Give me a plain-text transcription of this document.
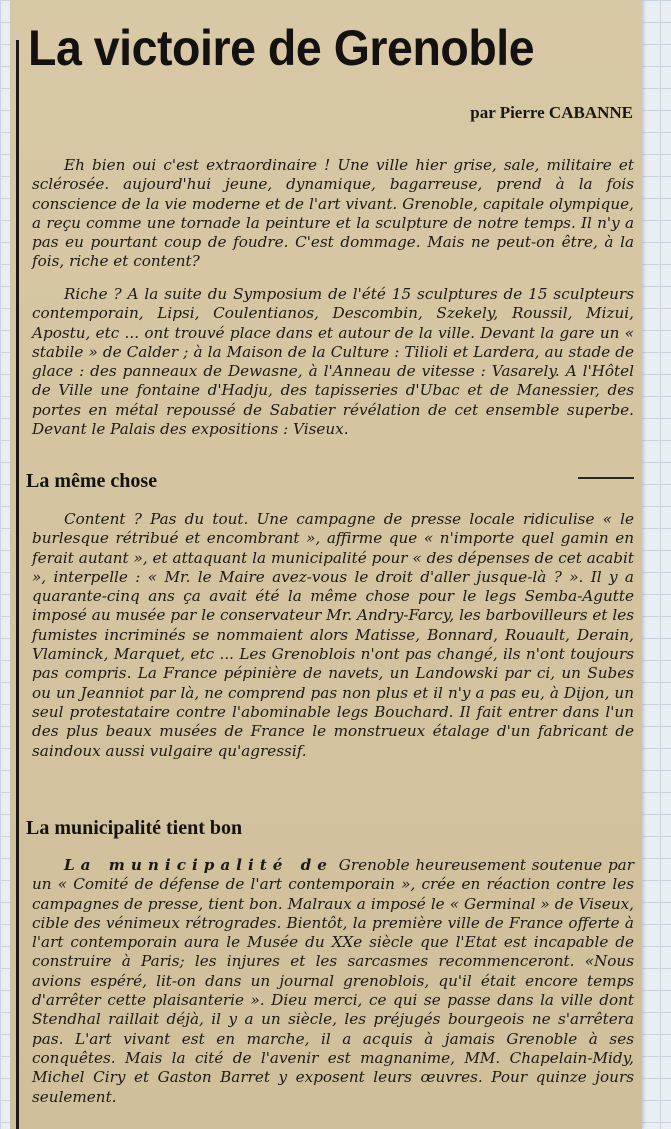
La victoire de Grenoble
par Pierre CABANNE
Eh bien oui c'est extraordinaire ! Une ville hier grise, sale, militaire et sclérosée. aujourd'hui jeune, dynamique, bagarreuse, prend à la fois conscience de la vie moderne et de l'art vivant. Grenoble, capitale olympique, a reçu comme une tornade la peinture et la sculpture de notre temps. Il n'y a pas eu pourtant coup de foudre. C'est dommage. Mais ne peut-on être, à la fois, riche et content?
Riche ? A la suite du Symposium de l'été 15 sculptures de 15 sculpteurs contemporain, Lipsi, Coulentianos, Descombin, Szekely, Roussil, Mizui, Apostu, etc ... ont trouvé place dans et autour de la ville. Devant la gare un « stabile » de Calder ; à la Maison de la Culture : Tilioli et Lardera, au stade de glace : des panneaux de Dewasne, à l'Anneau de vitesse : Vasarely. A l'Hôtel de Ville une fontaine d'Hadju, des tapisseries d'Ubac et de Manessier, des portes en métal repoussé de Sabatier révélation de cet ensemble superbe. Devant le Palais des expositions : Viseux.
La même chose
Content ? Pas du tout. Une campagne de presse locale ridiculise « le burlesque rétribué et encombrant », affirme que « n'importe quel gamin en ferait autant », et attaquant la municipalité pour « des dépenses de cet acabit », interpelle : « Mr. le Maire avez-vous le droit d'aller jusque-là ? ». Il y a quarante-cinq ans ça avait été la même chose pour le legs Semba-Agutte imposé au musée par le conservateur Mr. Andry-Farcy, les barbovilleurs et les fumistes incriminés se nommaient alors Matisse, Bonnard, Rouault, Derain, Vlaminck, Marquet, etc ... Les Grenoblois n'ont pas changé, ils n'ont toujours pas compris. La France pépinière de navets, un Landowski par ci, un Subes ou un Jeanniot par là, ne comprend pas non plus et il n'y a pas eu, à Dijon, un seul protestataire contre l'abominable legs Bouchard. Il fait entrer dans l'un des plus beaux musées de France le monstrueux étalage d'un fabricant de saindoux aussi vulgaire qu'agressif.
La municipalité tient bon
La municipalité de Grenoble heureusement soutenue par un « Comité de défense de l'art contemporain », crée en réaction contre les campagnes de presse, tient bon. Malraux a imposé le « Germinal » de Viseux, cible des vénimeux rétrogrades. Bientôt, la première ville de France offerte à l'art contemporain aura le Musée du XXe siècle que l'Etat est incapable de construire à Paris; les injures et les sarcasmes recommenceront. «Nous avions espéré, lit-on dans un journal grenoblois, qu'il était encore temps d'arrêter cette plaisanterie ». Dieu merci, ce qui se passe dans la ville dont Stendhal raillait déjà, il y a un siècle, les préjugés bourgeois ne s'arrêtera pas. L'art vivant est en marche, il a acquis à jamais Grenoble à ses conquêtes. Mais la cité de l'avenir est magnanime, MM. Chapelain-Midy, Michel Ciry et Gaston Barret y exposent leurs œuvres. Pour quinze jours seulement.
